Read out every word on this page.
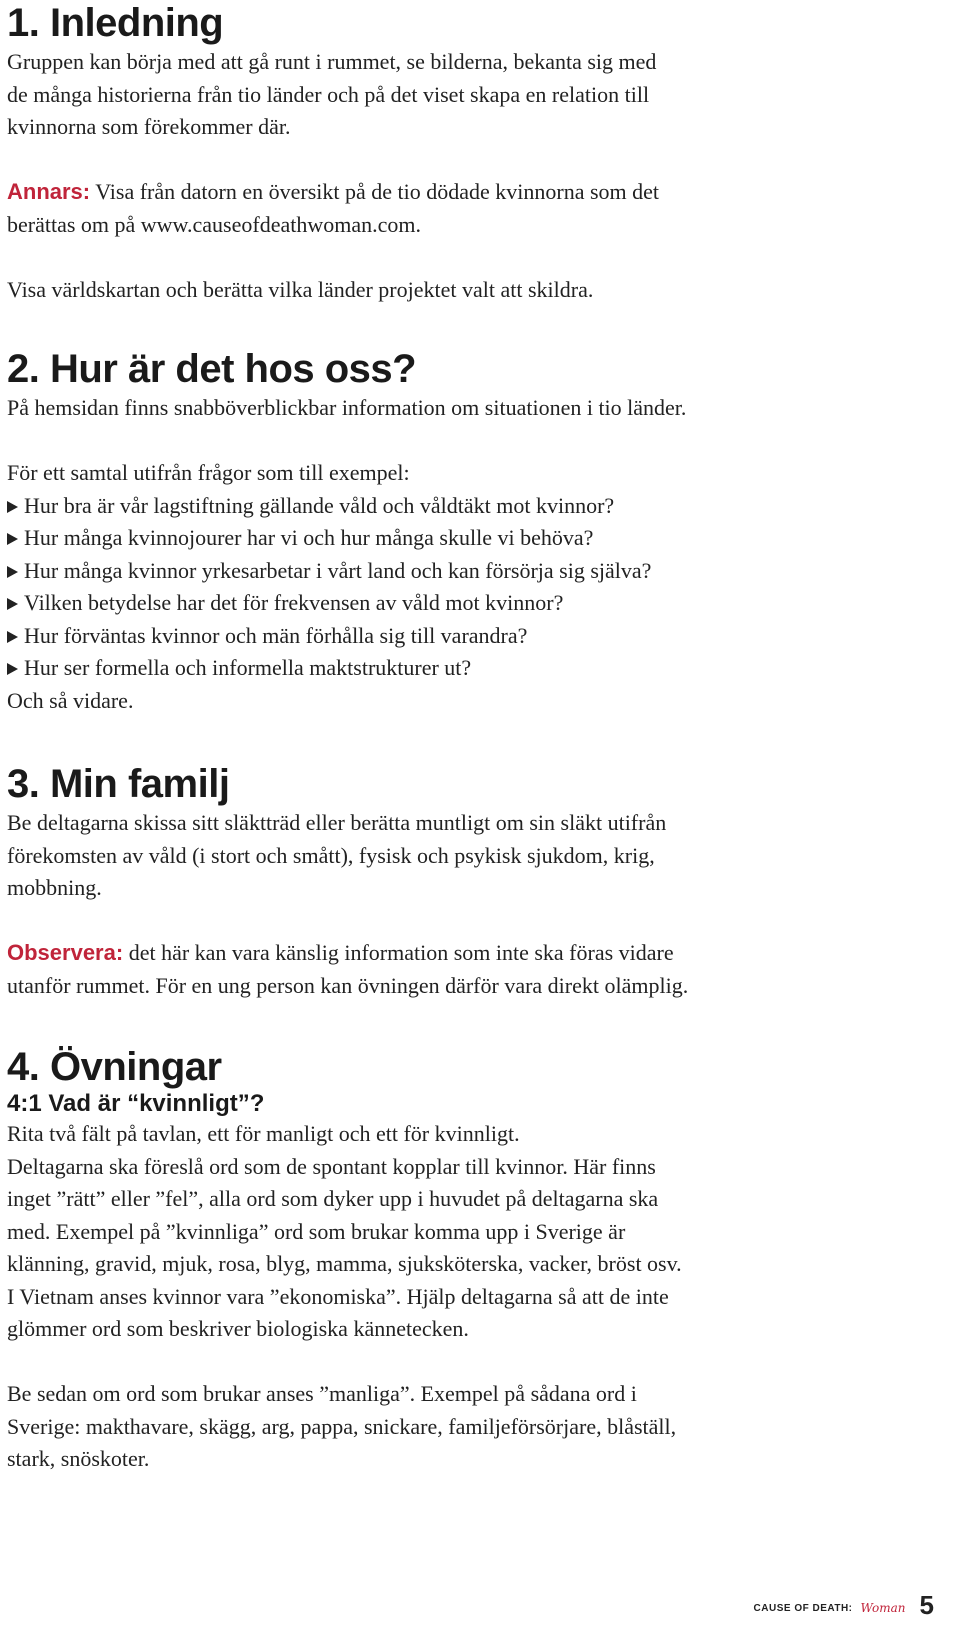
1. Inledning

Gruppen kan börja med att gå runt i rummet, se bilderna, bekanta sig med

de många historierna från tio länder och på det viset skapa en relation till

kvinnorna som förekommer där.

Annars: Visa från datorn en översikt på de tio dödade kvinnorna som det

berättas om på www.causeofdeathwoman.com.

Visa världskartan och berätta vilka länder projektet valt att skildra.

2. Hur är det hos oss?

På hemsidan finns snabböverblickbar information om situationen i tio länder.

För ett samtal utifrån frågor som till exempel:

Hur bra är vår lagstiftning gällande våld och våldtäkt mot kvinnor?
Hur många kvinnojourer har vi och hur många skulle vi behöva?
Hur många kvinnor yrkesarbetar i vårt land och kan försörja sig själva?
Vilken betydelse har det för frekvensen av våld mot kvinnor?
Hur förväntas kvinnor och män förhålla sig till varandra?
Hur ser formella och informella maktstrukturer ut?

Och så vidare.

3. Min familj

Be deltagarna skissa sitt släktträd eller berätta muntligt om sin släkt utifrån

förekomsten av våld (i stort och smått), fysisk och psykisk sjukdom, krig,

mobbning.

Observera: det här kan vara känslig information som inte ska föras vidare

utanför rummet. För en ung person kan övningen därför vara direkt olämplig.

4. Övningar
4:1 Vad är “kvinnligt”?

Rita två fält på tavlan, ett för manligt och ett för kvinnligt.

Deltagarna ska föreslå ord som de spontant kopplar till kvinnor. Här finns

inget ”rätt” eller ”fel”, alla ord som dyker upp i huvudet på deltagarna ska

med. Exempel på ”kvinnliga” ord som brukar komma upp i Sverige är

klänning, gravid, mjuk, rosa, blyg, mamma, sjuksköterska, vacker, bröst osv.

I Vietnam anses kvinnor vara ”ekonomiska”. Hjälp deltagarna så att de inte

glömmer ord som beskriver biologiska kännetecken.

Be sedan om ord som brukar anses ”manliga”. Exempel på sådana ord i

Sverige: makthavare, skägg, arg, pappa, snickare, familjeförsörjare, blåställ,

stark, snöskoter.

CAUSE OF DEATH: Woman 5
